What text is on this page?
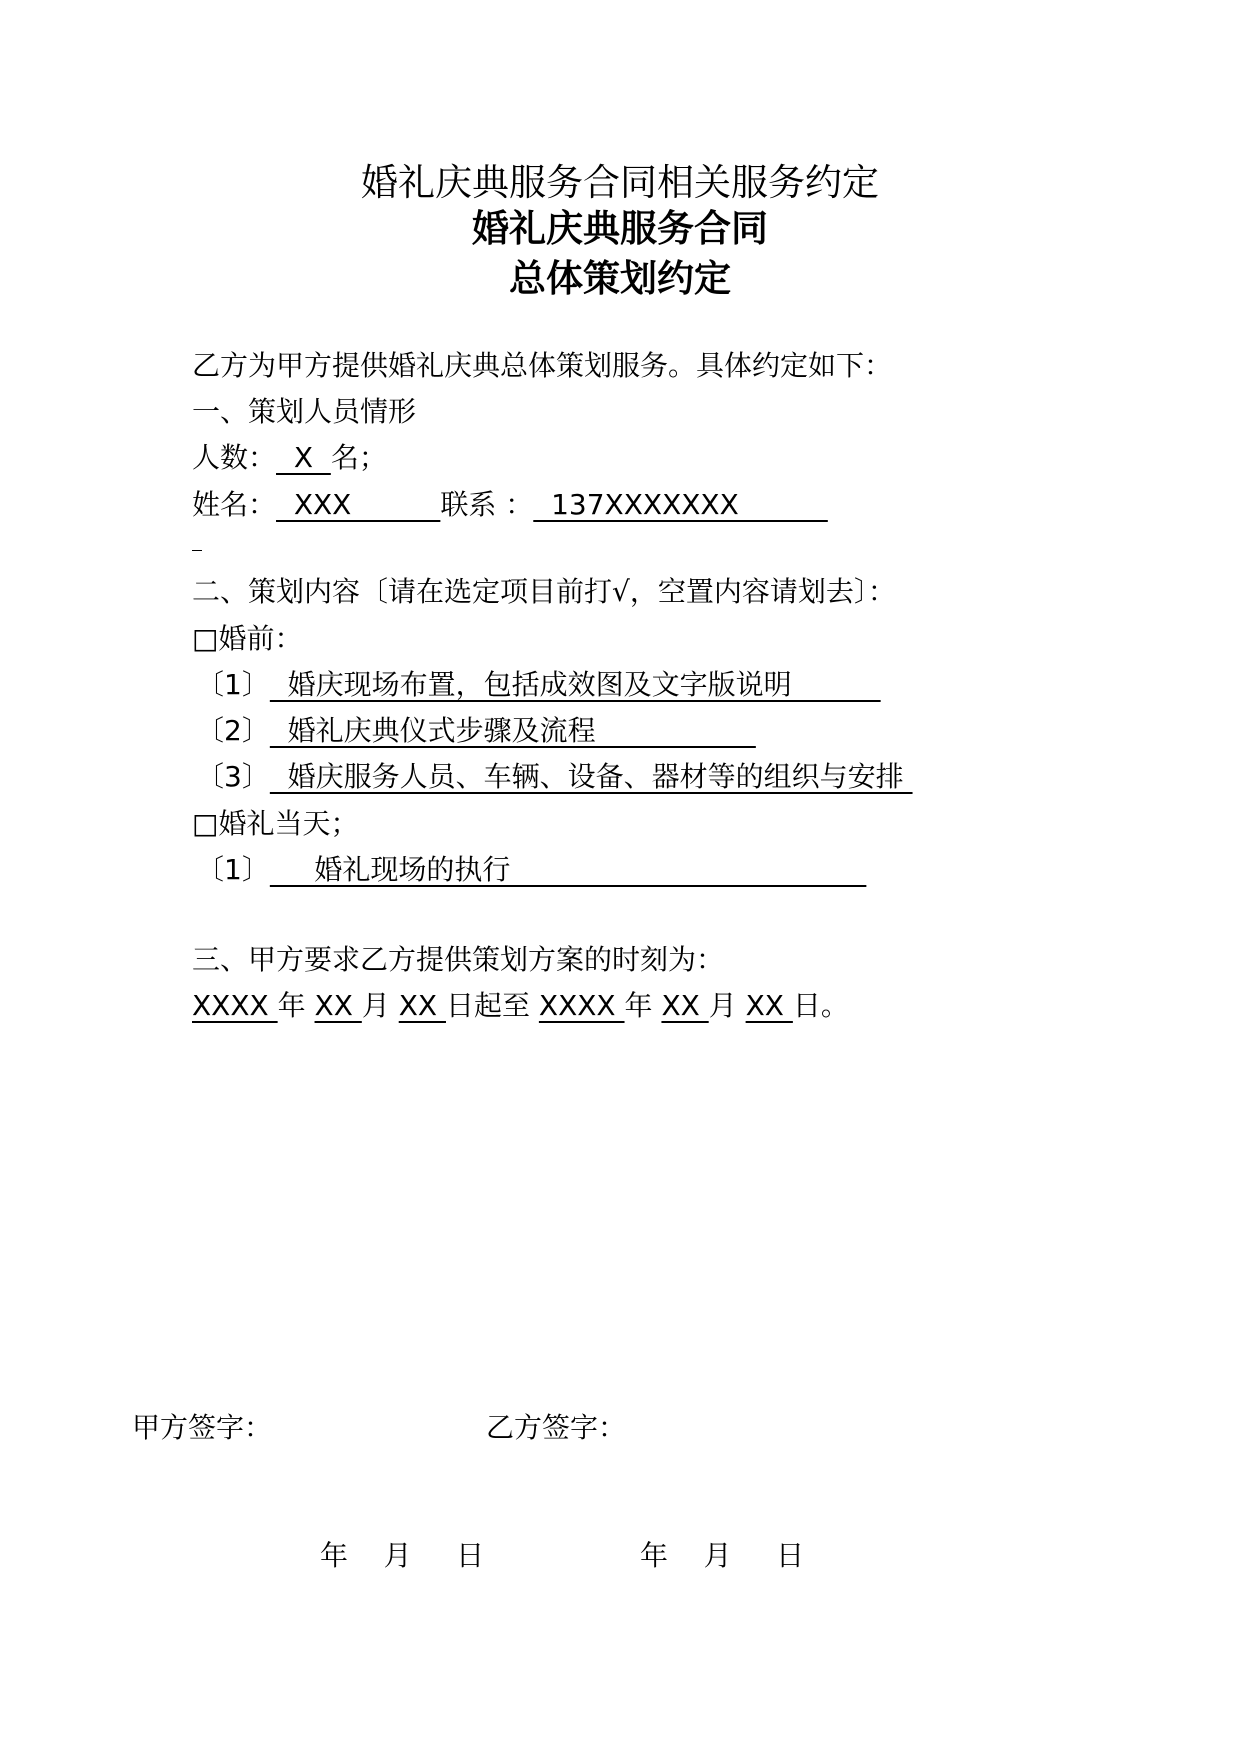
婚礼庆典服务合同相关服务约定
婚礼庆典服务合同
总体策划约定
乙方为甲方提供婚礼庆典总体策划服务。具体约定如下：
一、策划人员情形
人数：  X  名；
姓名：  XXX          联系 ：  137XXXXXXX
二、策划内容〔请在选定项目前打√，空置内容请划去〕：
□婚前：
〔1〕  婚庆现场布置，包括成效图及文字版说明
〔2〕  婚礼庆典仪式步骤及流程
〔3〕  婚庆服务人员、车辆、设备、器材等的组织与安排
□婚礼当天；
〔1〕     婚礼现场的执行
三、甲方要求乙方提供策划方案的时刻为：
XXXX 年 XX 月 XX 日起至 XXXX 年 XX 月 XX 日。
甲方签字：	乙方签字：
年    月     日	年    月     日
